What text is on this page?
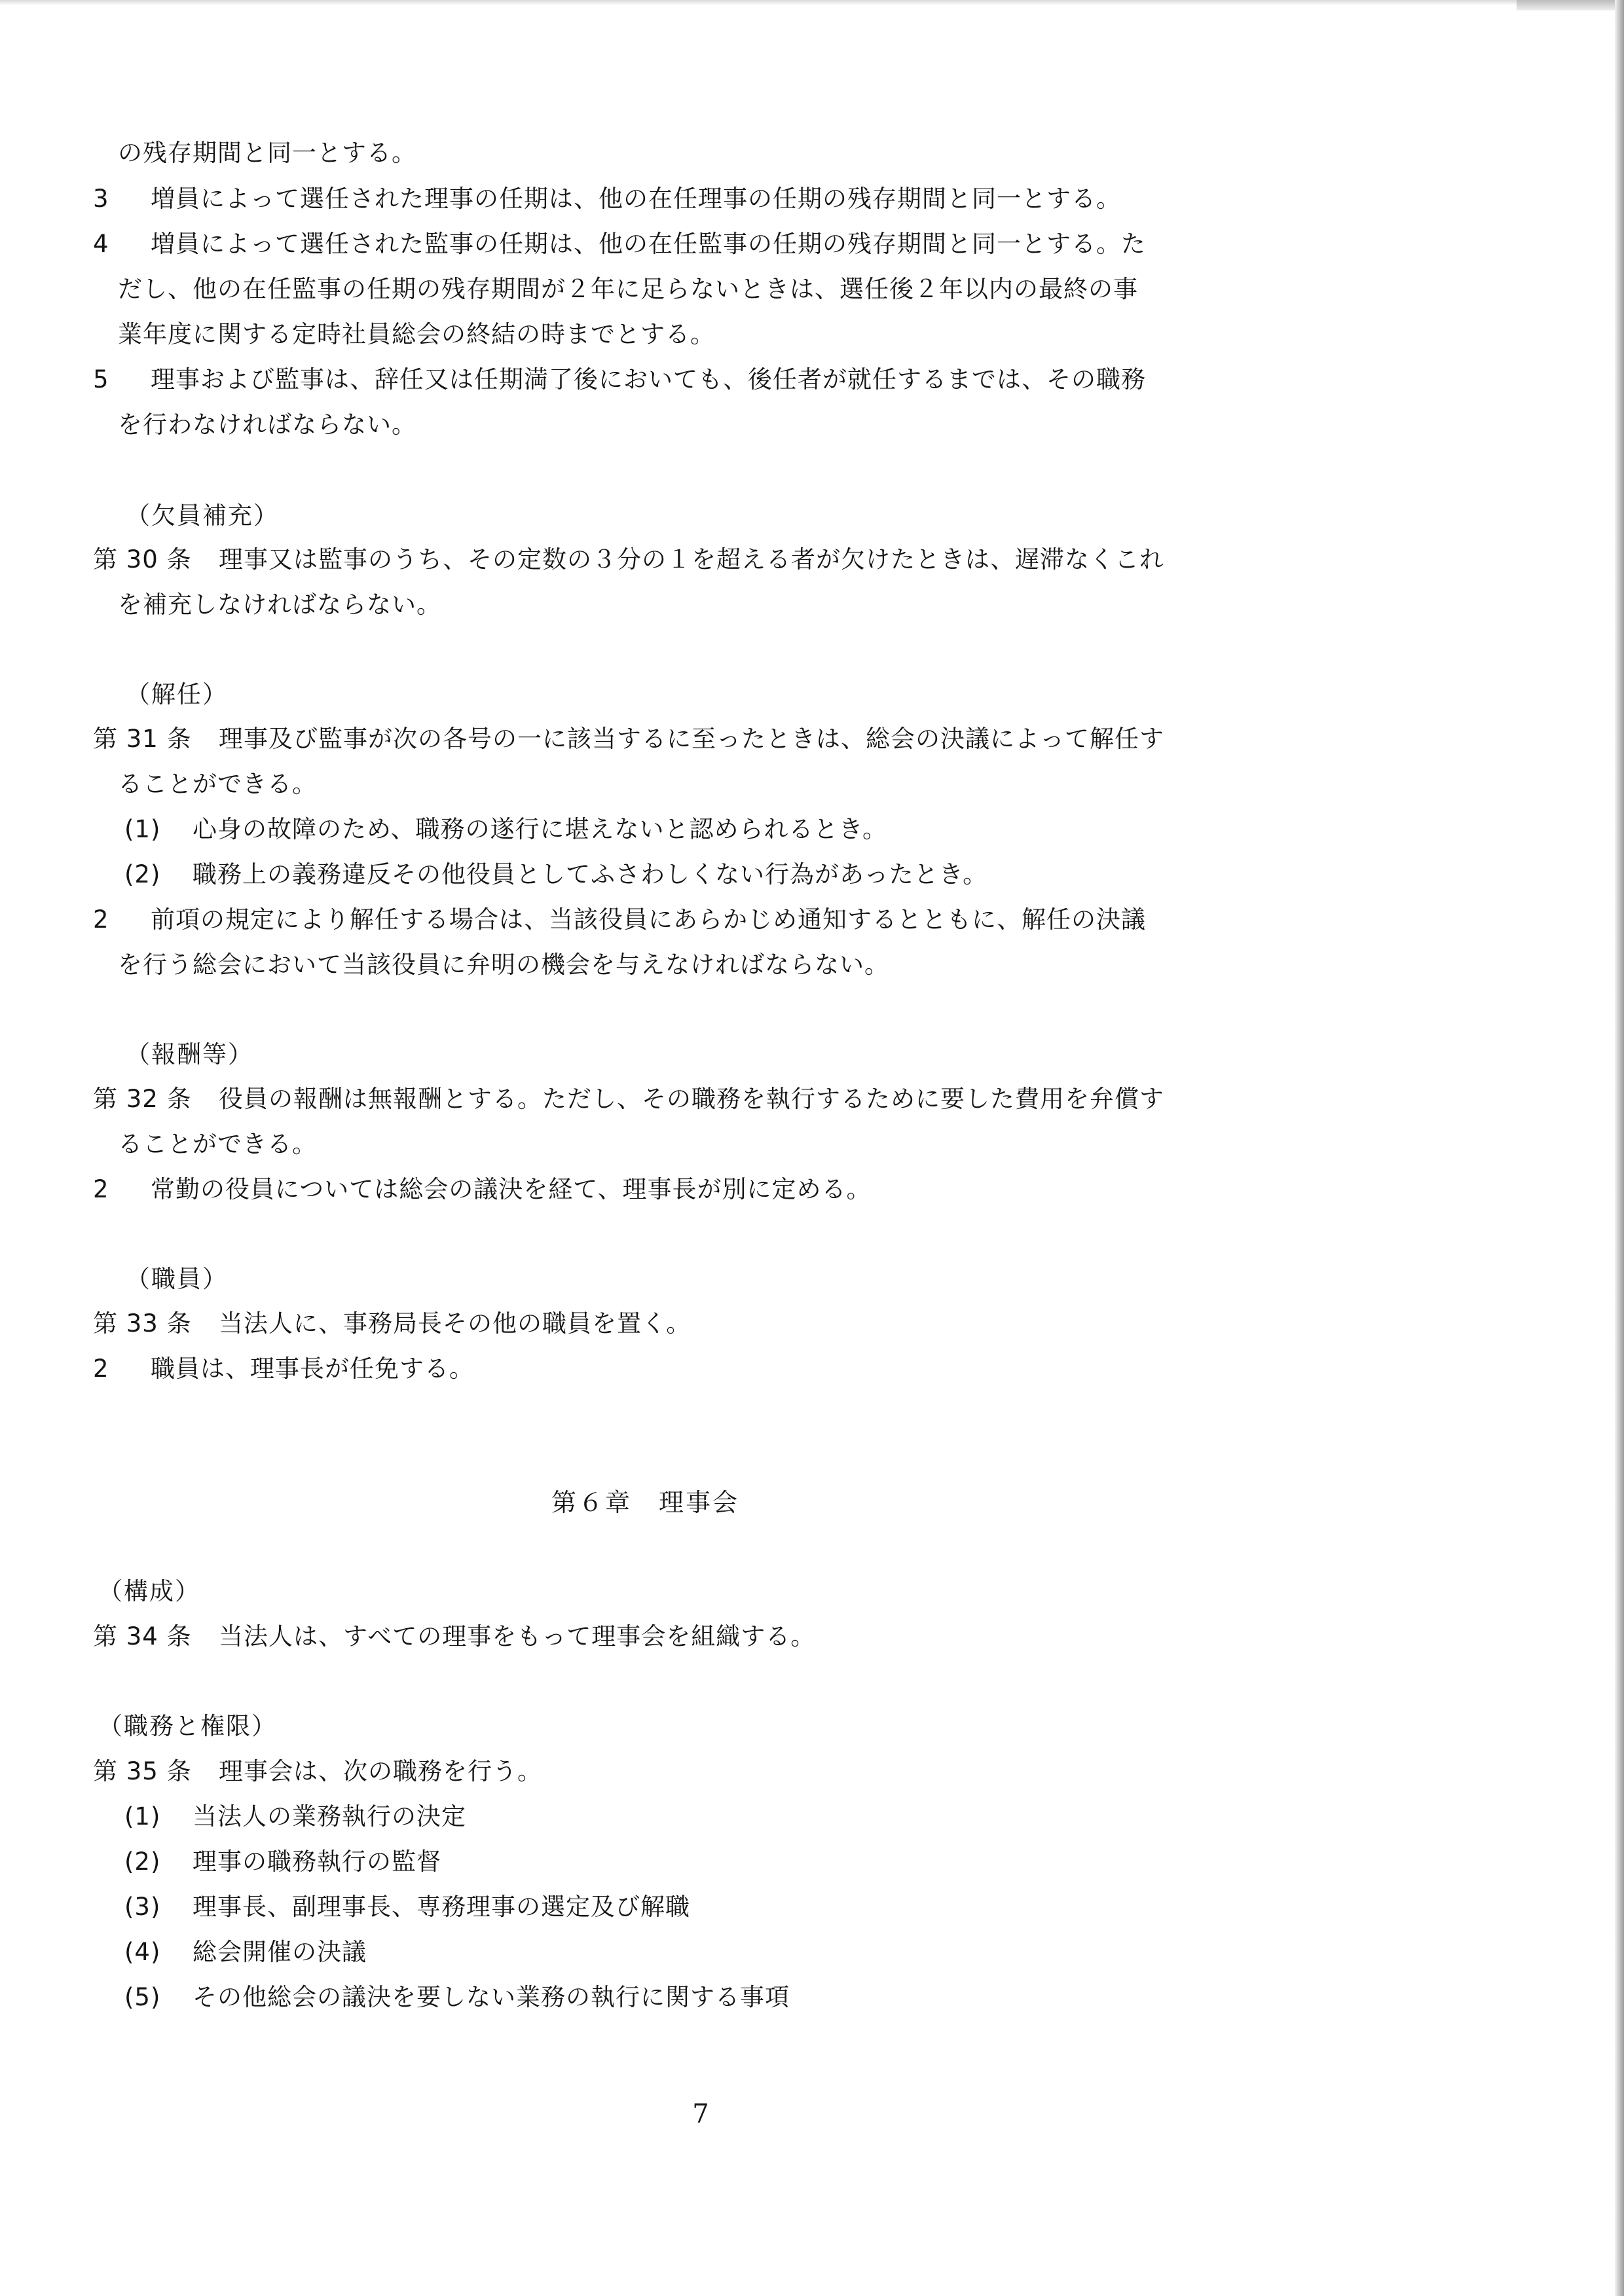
の残存期間と同一とする。
3 増員によって選任された理事の任期は、他の在任理事の任期の残存期間と同一とする。
4 増員によって選任された監事の任期は、他の在任監事の任期の残存期間と同一とする。た
だし、他の在任監事の任期の残存期間が２年に足らないときは、選任後２年以内の最終の事
業年度に関する定時社員総会の終結の時までとする。
5 理事および監事は、辞任又は任期満了後においても、後任者が就任するまでは、その職務
を行わなければならない。
（欠員補充）
第 30 条 理事又は監事のうち、その定数の３分の１を超える者が欠けたときは、遅滞なくこれ
を補充しなければならない。
（解任）
第 31 条 理事及び監事が次の各号の一に該当するに至ったときは、総会の決議によって解任す
ることができる。
(1) 心身の故障のため、職務の遂行に堪えないと認められるとき。
(2) 職務上の義務違反その他役員としてふさわしくない行為があったとき。
2 前項の規定により解任する場合は、当該役員にあらかじめ通知するとともに、解任の決議
を行う総会において当該役員に弁明の機会を与えなければならない。
（報酬等）
第 32 条 役員の報酬は無報酬とする。ただし、その職務を執行するために要した費用を弁償す
ることができる。
2 常勤の役員については総会の議決を経て、理事長が別に定める。
（職員）
第 33 条 当法人に、事務局長その他の職員を置く。
2 職員は、理事長が任免する。
第６章　理事会
（構成）
第 34 条 当法人は、すべての理事をもって理事会を組織する。
（職務と権限）
第 35 条 理事会は、次の職務を行う。
(1) 当法人の業務執行の決定
(2) 理事の職務執行の監督
(3) 理事長、副理事長、専務理事の選定及び解職
(4) 総会開催の決議
(5) その他総会の議決を要しない業務の執行に関する事項
7
